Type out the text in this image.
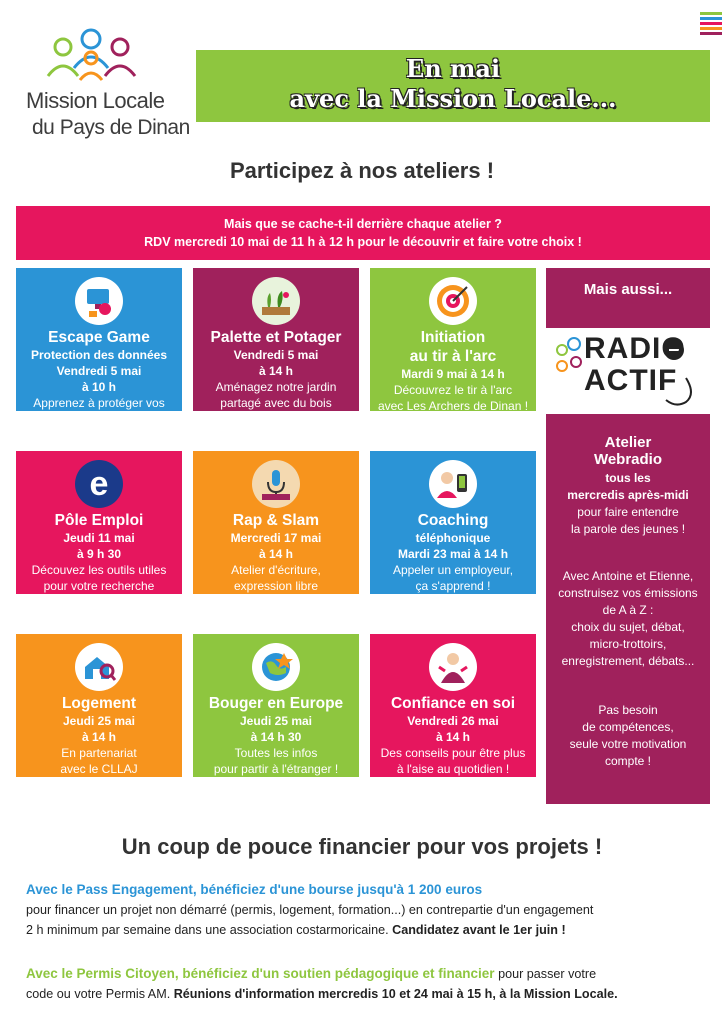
Mission Locale
du Pays de Dinan
En mai
avec la Mission Locale...
Participez à nos ateliers !
Mais que se cache-t-il derrière chaque atelier ?
RDV mercredi 10 mai de 11 h à 12 h pour le découvrir et faire votre choix !
Escape Game
Protection des données
Vendredi 5 mai
à 10 h
Apprenez à protéger vos
données personnelles !
Palette et Potager
Vendredi 5 mai
à 14 h
Aménagez notre jardin
partagé avec du bois
de palettes !
Initiation
au tir à l'arc
Mardi 9 mai à 14 h
Découvrez le tir à l'arc
avec Les Archers de Dinan !
e
Pôle Emploi
Jeudi 11 mai
à 9 h 30
Découvez les outils utiles
pour votre recherche
d'emploi !
Rap & Slam
Mercredi 17 mai
à 14 h
Atelier d'écriture,
expression libre
Coaching
téléphonique
Mardi 23 mai à 14 h
Appeler un employeur,
ça s'apprend !
Logement
Jeudi 25 mai
à 14 h
En partenariat
avec le CLLAJ
Bouger en Europe
Jeudi 25 mai
à 14 h 30
Toutes les infos
pour partir à l'étranger !
Confiance en soi
Vendredi 26 mai
à 14 h
Des conseils pour être plus
à l'aise au quotidien !
Mais aussi...
RADIO
ACTIF
Atelier
Webradio
tous les
mercredis après-midi
pour faire entendre
la parole des jeunes !
Avec Antoine et Etienne,
construisez vos émissions
de A à Z :
choix du sujet, débat,
micro-trottoirs,
enregistrement, débats...
Pas besoin
de compétences,
seule votre motivation
compte !
Un coup de pouce financier pour vos projets !
Avec le Pass Engagement, bénéficiez d'une bourse jusqu'à 1 200 euros
pour financer un projet non démarré (permis, logement, formation...) en contrepartie d'un engagement
2 h minimum par semaine dans une association costarmoricaine. Candidatez avant le 1er juin !
Avec le Permis Citoyen, bénéficiez d'un soutien pédagogique et financier pour passer votre
code ou votre Permis AM. Réunions d'information mercredis 10 et 24 mai à 15 h, à la Mission Locale.
